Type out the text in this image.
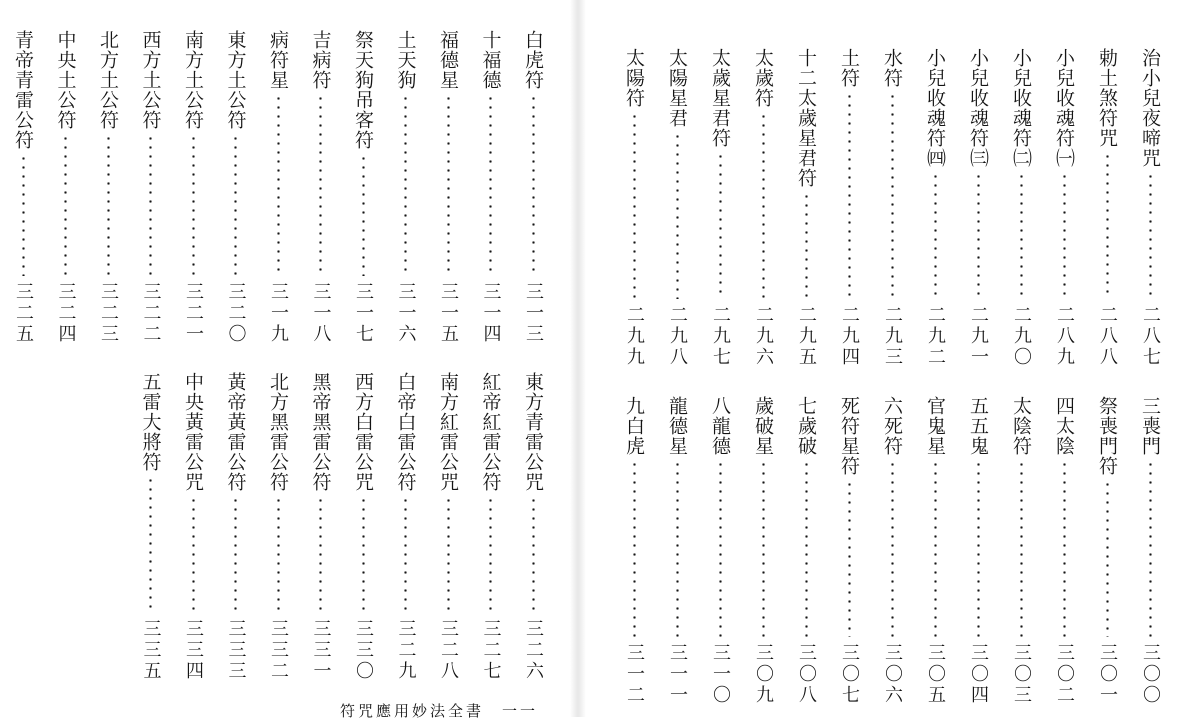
白虎符
三一三
十福德
三一四
福德星
三一五
土天狗
三一六
祭天狗吊客符
三一七
吉病符
三一八
病符星
三一九
東方土公符
三二〇
南方土公符
三二一
西方土公符
三二二
北方土公符
三二三
中央土公符
三二四
青帝青雷公符
三二五
東方青雷公咒
三二六
紅帝紅雷公符
三二七
南方紅雷公咒
三二八
白帝白雷公符
三二九
西方白雷公咒
三三〇
黑帝黑雷公符
三三一
北方黑雷公符
三三二
黃帝黃雷公符
三三三
中央黃雷公咒
三三四
五雷大將符
三三五
治小兒夜啼咒
二八七
勅土煞符咒
二八八
小兒收魂符㈠
二八九
小兒收魂符㈡
二九〇
小兒收魂符㈢
二九一
小兒收魂符㈣
二九二
水符
二九三
土符
二九四
十二太歲星君符
二九五
太歲符
二九六
太歲星君符
二九七
太陽星君
二九八
太陽符
二九九
三喪門
三〇〇
祭喪門符
三〇一
四太陰
三〇二
太陰符
三〇三
五五鬼
三〇四
官鬼星
三〇五
六死符
三〇六
死符星符
三〇七
七歲破
三〇八
歲破星
三〇九
八龍德
三一〇
龍德星
三一一
九白虎
三一二
符咒應用妙法全書　一一
